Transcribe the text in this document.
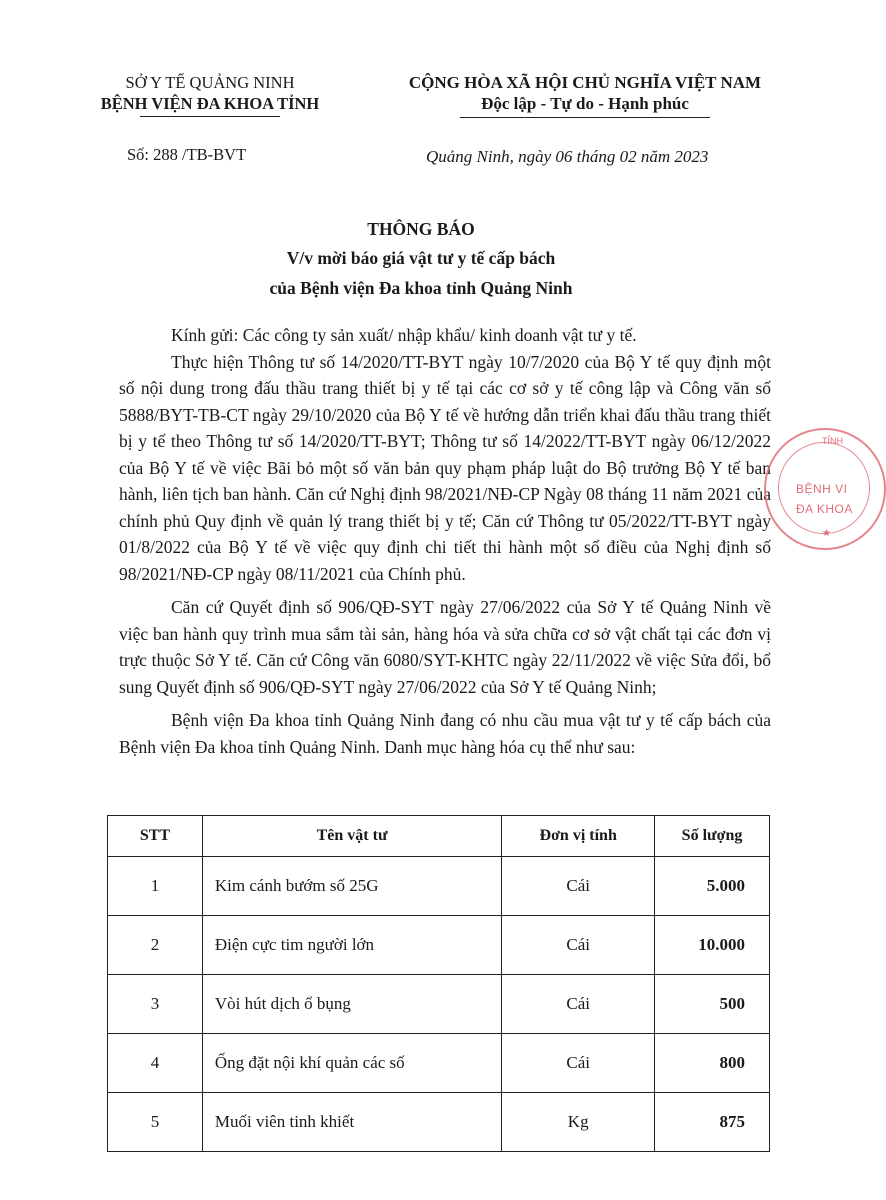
SỞ Y TẾ QUẢNG NINH
BỆNH VIỆN ĐA KHOA TỈNH
CỘNG HÒA XÃ HỘI CHỦ NGHĨA VIỆT NAM
Độc lập - Tự do - Hạnh phúc
Số: 288 /TB-BVT	Quảng Ninh, ngày 06 tháng 02 năm 2023
THÔNG BÁO
V/v mời báo giá vật tư y tế cấp bách
của Bệnh viện Đa khoa tỉnh Quảng Ninh

Kính gửi: Các công ty sản xuất/ nhập khẩu/ kinh doanh vật tư y tế.

Thực hiện Thông tư số 14/2020/TT-BYT ngày 10/7/2020 của Bộ Y tế quy định một số nội dung trong đấu thầu trang thiết bị y tế tại các cơ sở y tế công lập và Công văn số 5888/BYT-TB-CT ngày 29/10/2020 của Bộ Y tế về hướng dẫn triển khai đấu thầu trang thiết bị y tế theo Thông tư số 14/2020/TT-BYT; Thông tư số 14/2022/TT-BYT ngày 06/12/2022 của Bộ Y tế về việc Bãi bỏ một số văn bản quy phạm pháp luật do Bộ trưởng Bộ Y tế ban hành, liên tịch ban hành. Căn cứ Nghị định 98/2021/NĐ-CP Ngày 08 tháng 11 năm 2021 của chính phủ Quy định về quản lý trang thiết bị y tế; Căn cứ Thông tư 05/2022/TT-BYT ngày 01/8/2022 của Bộ Y tế về việc quy định chi tiết thi hành một số điều của Nghị định số 98/2021/NĐ-CP ngày 08/11/2021 của Chính phủ.

Căn cứ Quyết định số 906/QĐ-SYT ngày 27/06/2022 của Sở Y tế Quảng Ninh về việc ban hành quy trình mua sắm tài sản, hàng hóa và sửa chữa cơ sở vật chất tại các đơn vị trực thuộc Sở Y tế. Căn cứ Công văn 6080/SYT-KHTC ngày 22/11/2022 về việc Sửa đổi, bổ sung Quyết định số 906/QĐ-SYT ngày 27/06/2022 của Sở Y tế Quảng Ninh;

Bệnh viện Đa khoa tỉnh Quảng Ninh đang có nhu cầu mua vật tư y tế cấp bách của Bệnh viện Đa khoa tỉnh Quảng Ninh. Danh mục hàng hóa cụ thể như sau:

STT	Tên vật tư	Đơn vị tính	Số lượng
1	Kim cánh bướm số 25G	Cái	5.000
2	Điện cực tim người lớn	Cái	10.000
3	Vòi hút dịch ổ bụng	Cái	500
4	Ống đặt nội khí quản các số	Cái	800
5	Muối viên tinh khiết	Kg	875
TỈNH
BỆNH VI
ĐA KHOA
★
